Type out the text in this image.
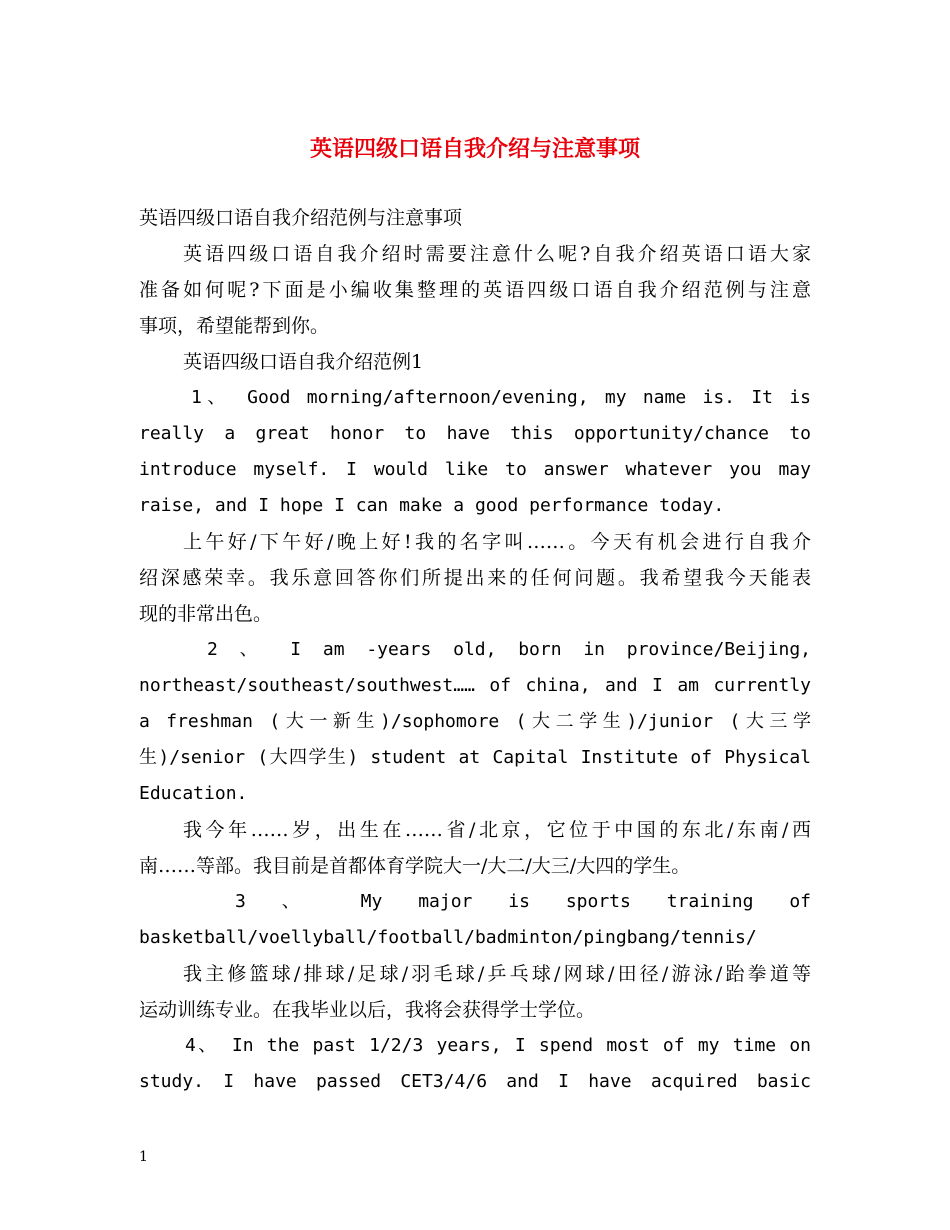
英语四级口语自我介绍与注意事项
英语四级口语自我介绍范例与注意事项
英语四级口语自我介绍时需要注意什么呢?自我介绍英语口语大家
准备如何呢?下面是小编收集整理的英语四级口语自我介绍范例与注意
事项，希望能帮到你。
英语四级口语自我介绍范例1
1、 Good morning/afternoon/evening, my name is. It is
really a great honor to have this opportunity/chance to
introduce myself. I would like to answer whatever you may
raise, and I hope I can make a good performance today.
上午好/下午好/晚上好!我的名字叫……。今天有机会进行自我介
绍深感荣幸。我乐意回答你们所提出来的任何问题。我希望我今天能表
现的非常出色。
2 、 I am -years old, born in province/Beijing,
northeast/southeast/southwest…… of china, and I am currently
a freshman (大一新生)/sophomore (大二学生)/junior (大三学
生)/senior (大四学生) student at Capital Institute of Physical
Education.
我今年……岁，出生在……省/北京，它位于中国的东北/东南/西
南……等部。我目前是首都体育学院大一/大二/大三/大四的学生。
3 、 My major is sports training of
basketball/voellyball/football/badminton/pingbang/tennis/
我主修篮球/排球/足球/羽毛球/乒乓球/网球/田径/游泳/跆拳道等
运动训练专业。在我毕业以后，我将会获得学士学位。
4、 In the past 1/2/3 years, I spend most of my time on
study. I have passed CET3/4/6 and I have acquired basic
1
